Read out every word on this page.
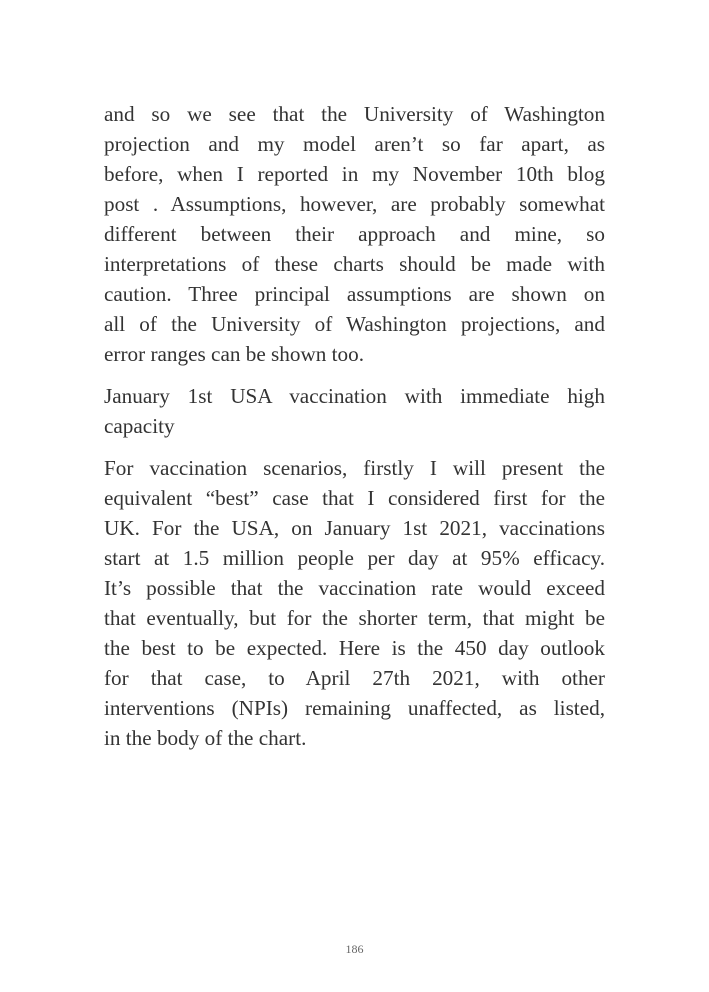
and so we see that the University of Washington
projection and my model aren’t so far apart, as
before, when I reported in my November 10th blog
post . Assumptions, however, are probably somewhat
different between their approach and mine, so
interpretations of these charts should be made with
caution. Three principal assumptions are shown on
all of the University of Washington projections, and
error ranges can be shown too.
January 1st USA vaccination with immediate high
capacity
For vaccination scenarios, firstly I will present the
equivalent “best” case that I considered first for the
UK. For the USA, on January 1st 2021, vaccinations
start at 1.5 million people per day at 95% efficacy.
It’s possible that the vaccination rate would exceed
that eventually, but for the shorter term, that might be
the best to be expected. Here is the 450 day outlook
for that case, to April 27th 2021, with other
interventions (NPIs) remaining unaffected, as listed,
in the body of the chart.
186
